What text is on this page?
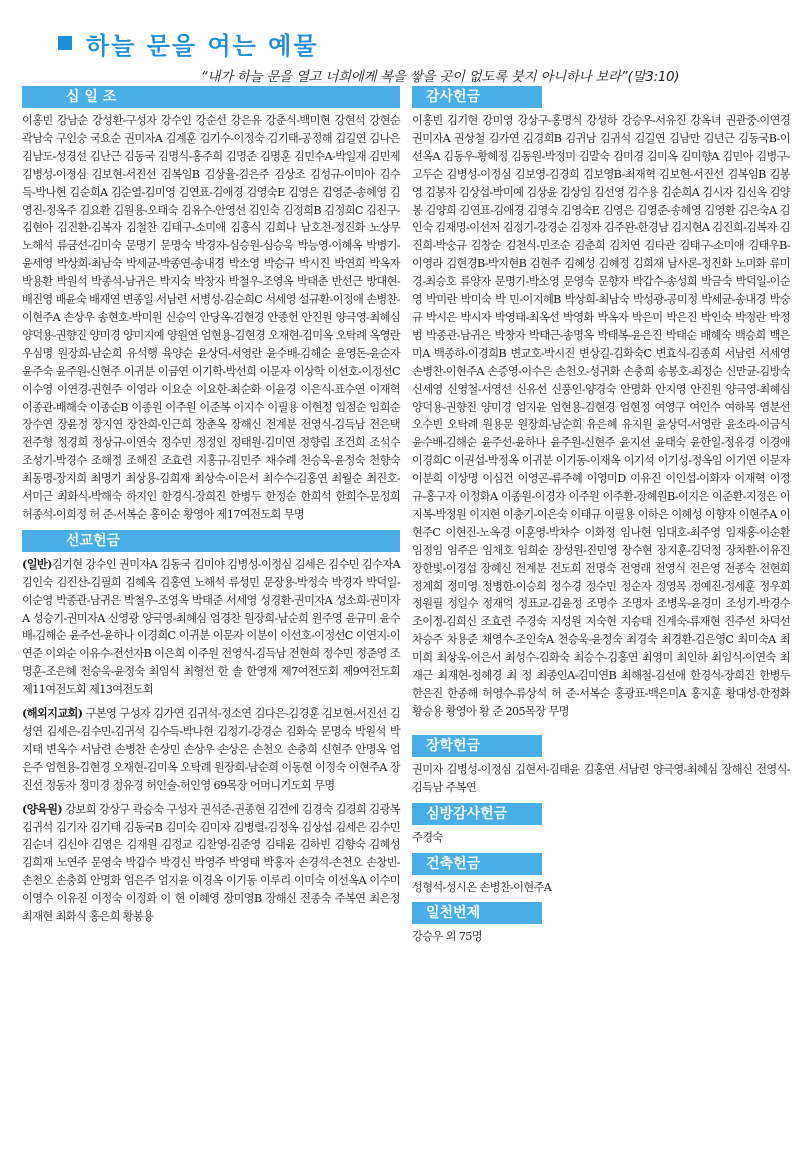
하늘 문을 여는 예물
“내가 하늘 문을 열고 너희에게 복을 쌓을 곳이 없도록 붓지 아니하나 보라”(말3:10)
십 일 조

이홍빈 강남순 강성환-구성자 강수인 강순선 강은유 강춘식-백미현 강현석 강현순 곽남숙 구인숭 국요순 권미자A 김계훈 김기수-이정숙 김기태-공정해 김길연 김나은 김남도-성경선 김난근 김동국 김명식-홍주희 김명준 김명훈 김민수A-박일재 김민제 김병성-이정심 김보현-서진선 김복임B 김상율-김은주 김상조 김성규-이미아 김수득-박나현 김순희A 김순열-김미영 김연표-김애경 김영숙E 김영은 김영준-송혜영 김영진-정옥주 김요환 김원용-오태숙 김유수-안영선 김인숙 김정희B 김정희C 김진구-김현아 김진환-김복자 김철찬 김태구-소미애 김홍식 김희나 남호천-정진화 노상무 노해석 류금선-김미숙 문명기 문명숙 박경자-심승원-심승욱 박능영-이혜옥 박병기-윤세영 박상희-최남숙 박세균-박종연-송내경 박소영 박승규 박시진 박연희 박옥자 박용환 박원석 박종석-남귀은 박지숙 박창자 박철우-조영옥 박태춘 반선근 방대현-배진영 배윤숙 배재연 변종일 서남련 서병성-김순희C 서세영 설규환-이정애 손병찬-이현주A 손상우 송현호-박미원 신승익 안당옥-김현경 안종헌 안진원 양극영-최혜심 양덕용-권향진 양미경 양미지예 양원연 엄현용-김현경 오재현-김미옥 오탁례 옥영란 우심명 원장희-남순희 유석행 육양순 윤상덕-서영란 윤수배-김해순 윤영돈-윤순자 윤주숙 윤주원-신현주 이귀분 이금연 이기학-박선희 이문자 이상학 이선호-이정선C 이수영 이연경-권현주 이영라 이요순 이요한-최순화 이윤경 이은식-표수연 이재혁 이종관-배해숙 이종순B 이종원 이주원 이준복 이지수 이필용 이현정 임점순 임희순 장수연 장윤정 장지연 장찬희-인근희 장춘옥 장해신 전계분 전영식-김득남 전은택 전주형 정경희 정상규-이연숙 정수민 정정인 정태원-김미연 정향림 조건희 조석수 조성기-박경수 조해정 조해진 조효련 지홍규-김민주 채수례 천승욱-윤정숙 천향숙 최동명-장지희 최명기 최상용-김희재 최상숙-이은서 최수수-김홍연 최월순 최진호-서미근 최화식-박해숙 하지인 한경식-장희진 한병두 한정순 한희석 한희수-문정희 허종석-이희정 허 준-서복순 홍이순 황영아 제17여전도회 무명

선교헌금

(일반)김기현 강수인 권미자A 김동국 김미야 김병성-이정심 김세은 김수민 김수자A 김인숙 김진산-김필희 김혜옥 김홍연 노해석 류성민 문장용-박정숙 박경자 박덕일-이순영 박종관-남귀은 박철우-조영옥 박태준 서세영 성경환-권미자A 성소희-권미자A 성승기-권미자A 신영광 양극영-최혜심 엄경찬 원장희-남순희 원주영 윤규미 윤수배-김해순 윤주선-윤하나 이경희C 이귀분 이문자 이분이 이선호-이정선C 이연지-이연준 이외순 이유수-전선자B 이은희 이주원 전영식-김득남 전현희 정수민 정준영 조명훈-조은혜 천승욱-윤정숙 최임식 최형선 한 솔 한영재 제7여전도회 제9여전도회 제11여전도회 제13여전도회

(해외지교회) 구본영 구성자 김가연 김귀석-정소연 김다은-김경훈 김보현-서진선 김성연 김세은-김수민-김귀석 김수득-박나현 김정기-강경순 김화숙 문명숙 박원석 박지태 변옥수 서남련 손병찬 손상민 손상우 손상은 손천오 손충희 신현주 안명옥 엄은주 엄현용-김현경 오재현-김미옥 오탁례 원장희-남순희 이동현 이정숙 이현주A 장진선 정동자 정미경 정유경 허인술-허인영 69목장 어머니기도회 무명

(양육원) 강보희 강상구 곽승숙 구성자 권석준-권종현 김건에 김경숙 김경희 김광복 김귀석 김기자 김기태 김동국B 김미숙 김미자 김병렬-김정옥 김상섭 김세은 김수민 김순녀 김신아 김영은 김재원 김정교 김찬영-김준영 김태윤 김하빈 김향숙 김혜성 김희재 노연주 문영숙 박갑수 박경신 박영주 박영태 박홍자 손경석-손천오 손창빈-손천오 손충희 안명화 엄은주 엄지윤 이경옥 이기동 이루리 이미숙 이선옥A 이수미 이영수 이유진 이정숙 이정화 이 현 이혜영 장미영B 장해신 전종숙 주복연 최은정 최재현 최화식 홍은희 황봉용

감사헌금

이홍빈 김기현 강미영 강상구-홍명식 강성하 강승우-서유진 강옥녀 권관중-이연경 권미자A 권상철 김가연 김경희B 김귀남 김귀석 김길연 김남만 김년근 김동국B-이선옥A 김동우-황혜정 김동원-박정미 김말숙 김미경 김미옥 김미향A 김민아 김병구-고두순 김병성-이정심 김보영-김경희 김보영B-최재혁 김보현-서진선 김복임B 김봉영 김봉자 김상섭-박미예 김상윤 김상임 김선영 김수용 김순희A 김시자 김신옥 김양봉 김양희 김연표-김애경 김영숙 김영숙E 김영은 김영준-송혜영 김영환 김은숙A 김인숙 김재명-이선저 김정기-강경순 김정자 김주완-한경남 김지현A 김진희-김복자 김진희-박숭규 김창순 김천식-민조순 김춘희 김치연 김타관 김태구-소미애 김태우B-이영라 김현경B-박지현B 김현주 김혜성 김혜정 김희재 남사론-정진화 노미화 류미경-최승호 류양자 문명기-박소영 문영숙 문향자 박갑수-송성희 박금숙 박덕일-이순영 박미란 박미숙 박 민-이지혜B 박상희-최남숙 박성광-공미정 박세균-송내경 박숭규 박시은 박시자 박영태-최옥선 박영화 박옥자 박은미 박은진 박인숙 박정란 박정범 박종관-남귀은 박창자 박태근-송명옥 박태복-윤은진 박태순 배혜숙 백승희 백은미A 백종하-이경희B 변교호-박시진 변상길-김화숙C 변효식-김종희 서남련 서세영 손병찬-이현주A 손증영-이수은 손천오-성귀화 손충희 송봉호-최정순 신만균-김방숙 신세영 신영철-서영선 신유선 신풍인-양경숙 안명화 안지영 안진원 양극영-최혜심 양덕용-권향진 양미경 엄지윤 엄현용-김현경 엄현정 여영구 여인수 여하목 염분선 오수빈 오탁례 원용문 원장희-남순희 유은혜 유지원 윤상덕-서영란 윤소라-이금식 윤수배-김해순 윤주선-윤하나 윤주원-신현주 윤지선 윤태숙 윤한일-정유경 이경애 이경희C 이권섭-박정옥 이귀분 이기동-이재옥 이기석 이기성-정옥임 이기연 이문자 이분희 이상명 이심건 이영곤-류주혜 이영미D 이유진 이인섭-이화자 이재혁 이정규-홍구자 이정화A 이종원-이경자 이주원 이주환-장혜원B-이지은 이준환-지정은 이지복-박정원 이지현 이충기-이은숙 이태규 이필용 이하은 이혜성 이향자 이현주A 이현주C 이현진-노옥경 이훈영-박차수 이화정 임나현 임대호-최주영 임재홍-이순환 임정임 임주은 임채호 임희순 장성원-진민영 장수현 장지훈-김덕정 장차환-이유진 장한빛-이경섭 장혜신 전계분 전도희 전명숙 전영래 전영식 전은영 전종숙 전현희 정계희 정미영 정병한-이승희 정수경 정수민 정순자 정영목 정예진-정세훈 정우희 정원필 정일수 정재억 정표교-김윤정 조명수 조명자 조병욱-윤경미 조성기-박경수 조이정-김희신 조효련 주경숙 지성원 지숙현 지승태 진계숙-류재현 진주선 차덕선 차승주 차용준 채영수-조인숙A 천승욱-윤정숙 최경숙 최경환-김은영C 최미숙A 최미희 최상욱-이은서 최성수-김화숙 최승수-김홍연 최영미 최인하 최임식-이연숙 최재근 최재현-정혜경 최 정 최종인A-김미연B 최해철-김선애 한경식-장희진 한병두 한은진 한종해 허영수-류상석 허 준-서복순 홍광표-백은미A 홍지훈 황대성-한정화 황승용 황영아 황 준 205목장 무명

장학헌금

권미자 김병성-이정심 김현서-김태윤 김홍연 서남련 양극영-최혜심 장해신 전영식-김득남 주복연

심방감사헌금

주경숙

건축헌금

성형석-성시온 손병찬-이현주A

일천번제

강승우 외 75명
